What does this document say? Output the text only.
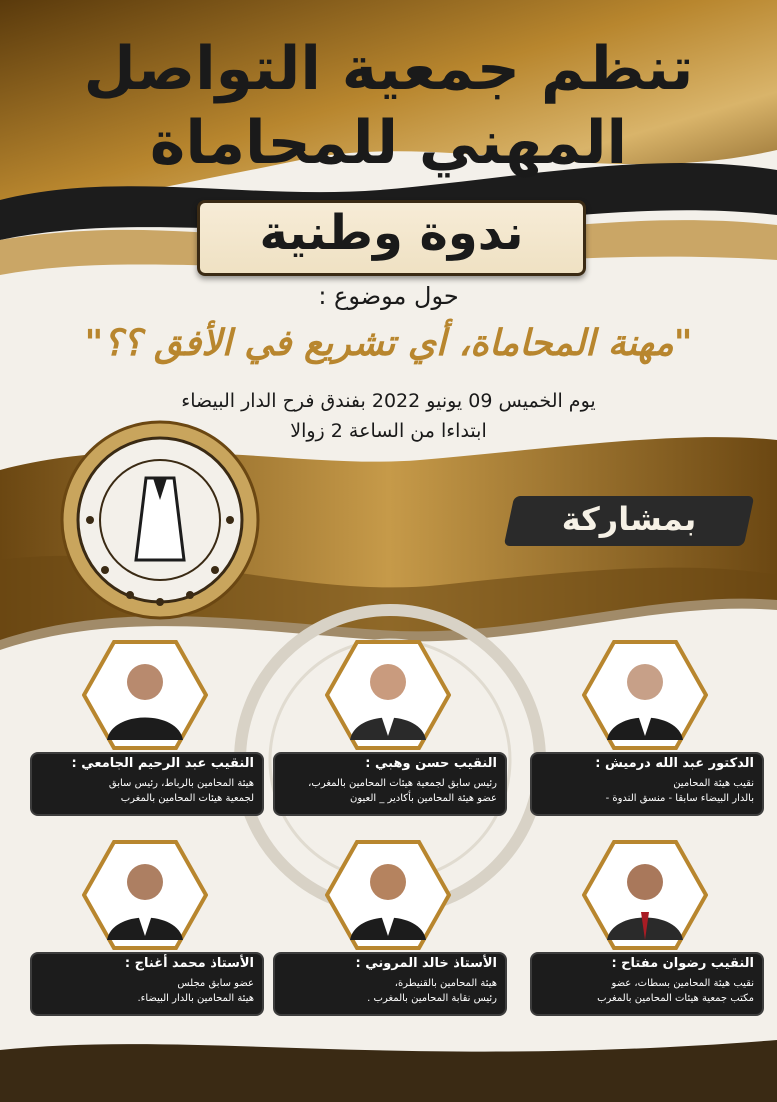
تنظم جمعية التواصل
المهني للمحاماة
ندوة وطنية
حول موضوع :
"مهنة المحاماة، أي تشريع في الأفق ؟؟"
يوم الخميس 09 يونيو 2022 بفندق فرح الدار البيضاء
ابتداءا من الساعة 2 زوالا
بمشاركة
الدكتور عبد الله درميش :
نقيب هيئة المحامين
بالدار البيضاء سابقا - منسق الندوة -
النقيب حسن وهبي :
رئيس سابق لجمعية هيئات المحامين بالمغرب،
عضو هيئة المحامين بأكادير _ العيون
النقيب عبد الرحيم الجامعي :
هيئة المحامين بالرباط، رئيس سابق
لجمعية هيئات المحامين بالمغرب
النقيب رضوان مفتاح :
نقيب هيئة المحامين بسطات، عضو
مكتب جمعية هيئات المحامين بالمغرب
الأستاذ خالد المروني :
هيئة المحامين بالقنيطرة،
رئيس نقابة المحامين بالمغرب .
الأستاذ محمد أغناج :
عضو سابق مجلس
هيئة المحامين بالدار البيضاء.
